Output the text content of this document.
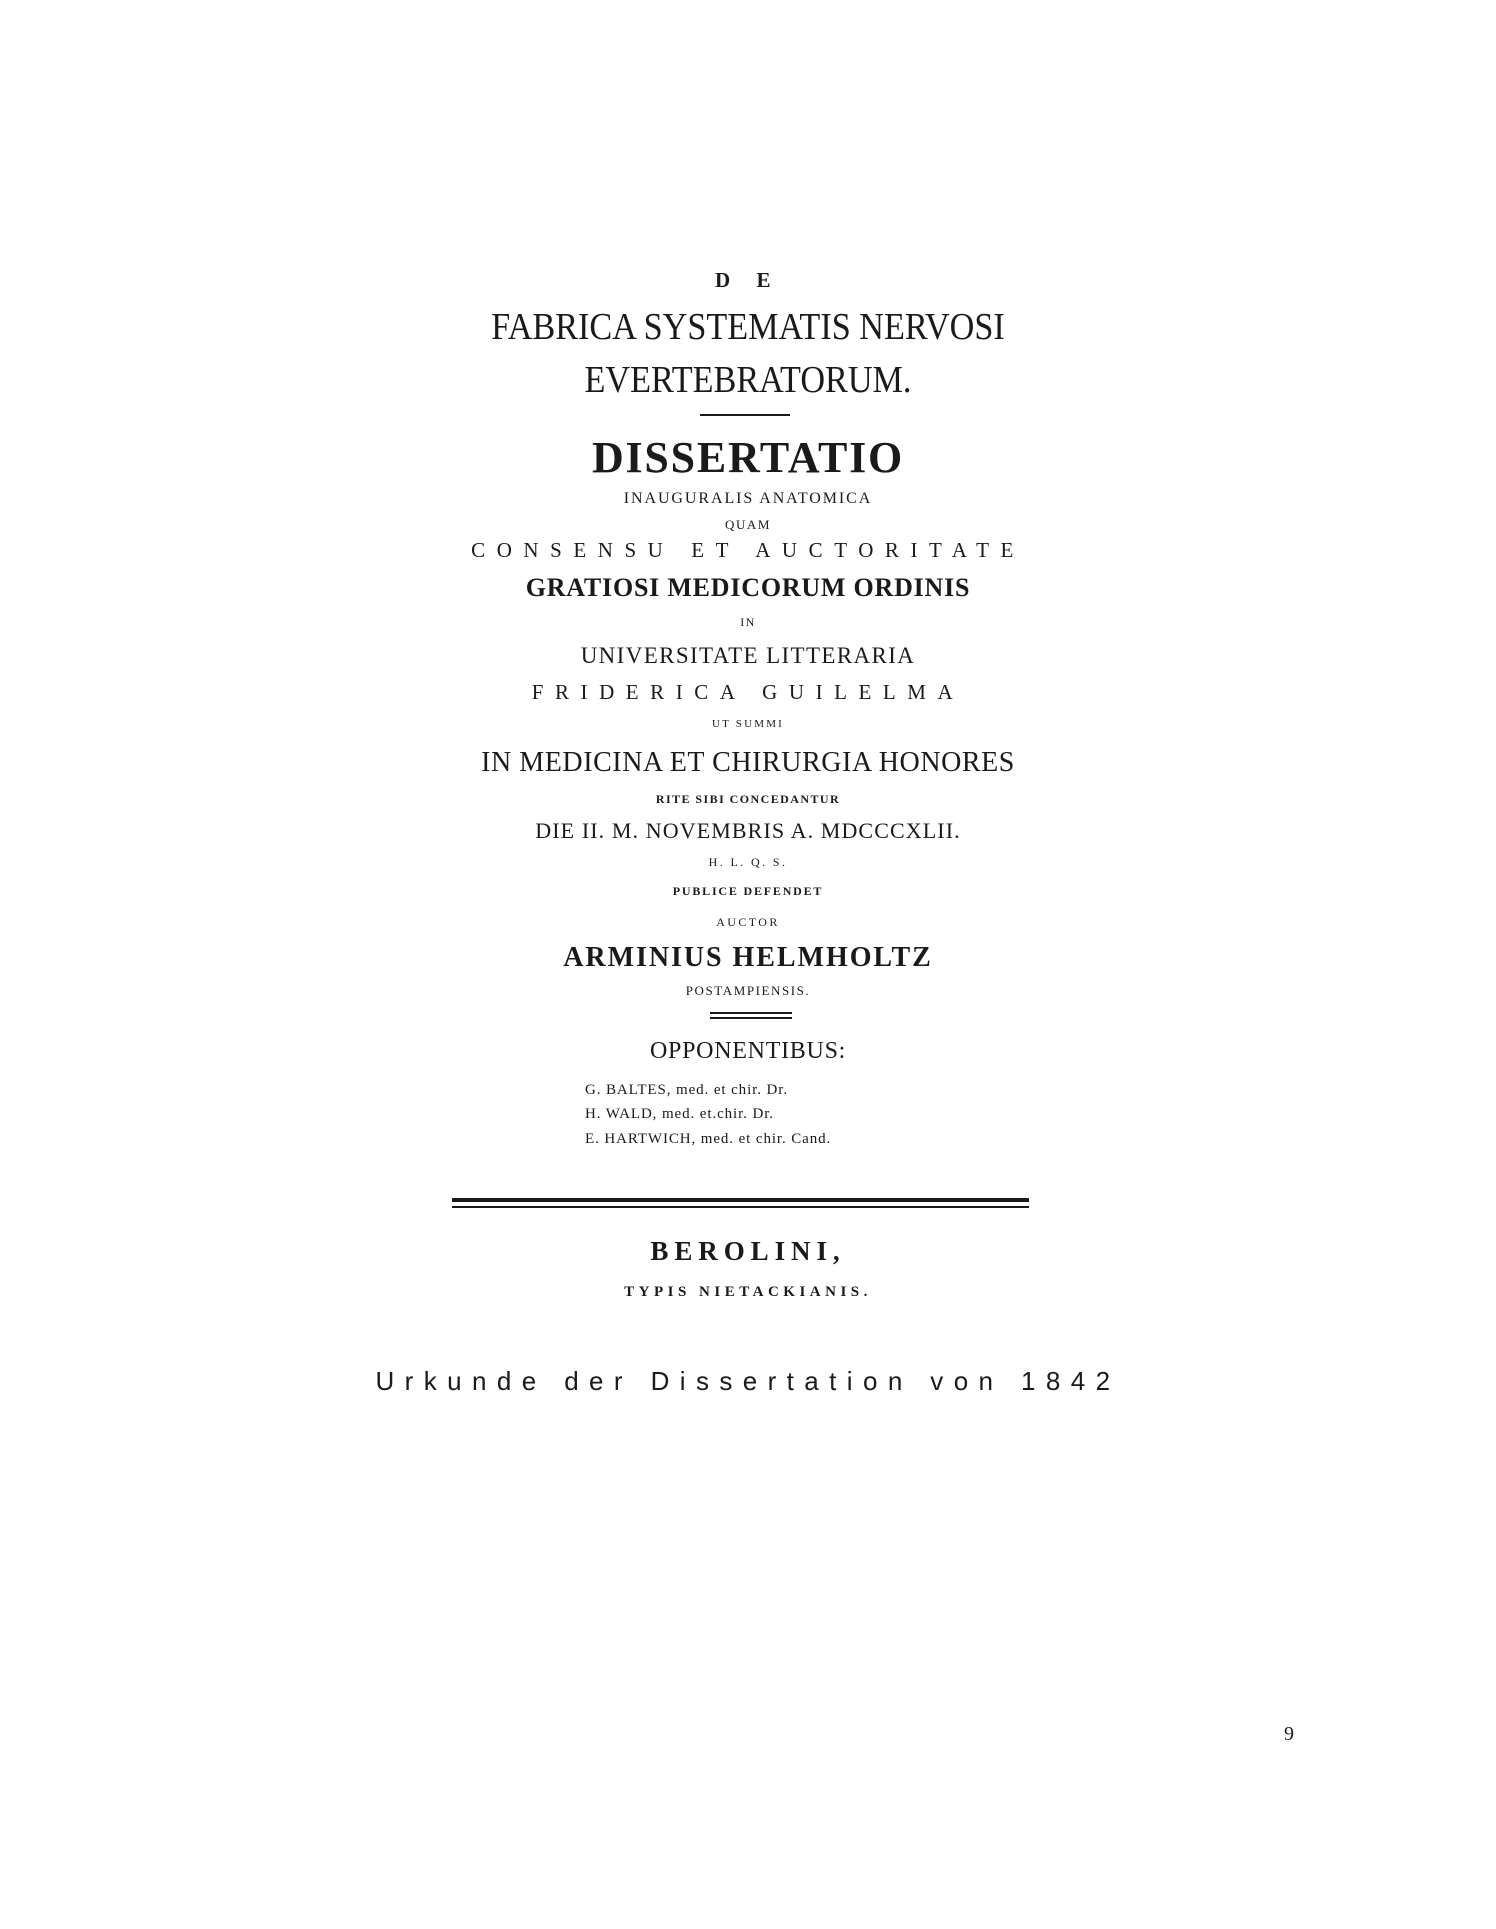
D E
FABRICA SYSTEMATIS NERVOSI
EVERTEBRATORUM.
DISSERTATIO
INAUGURALIS ANATOMICA
QUAM
CONSENSU ET AUCTORITATE
GRATIOSI MEDICORUM ORDINIS
IN
UNIVERSITATE LITTERARIA
FRIDERICA GUILELMA
UT SUMMI
IN MEDICINA ET CHIRURGIA HONORES
RITE SIBI CONCEDANTUR
DIE II. M. NOVEMBRIS A. MDCCCXLII.
H. L. Q. S.
PUBLICE DEFENDET
AUCTOR
ARMINIUS HELMHOLTZ
POSTAMPIENSIS.
OPPONENTIBUS:
G. BALTES, med. et chir. Dr.
H. WALD, med. et.chir. Dr.
E. HARTWICH, med. et chir. Cand.
BEROLINI,
TYPIS NIETACKIANIS.
Urkunde der Dissertation von 1842
9
